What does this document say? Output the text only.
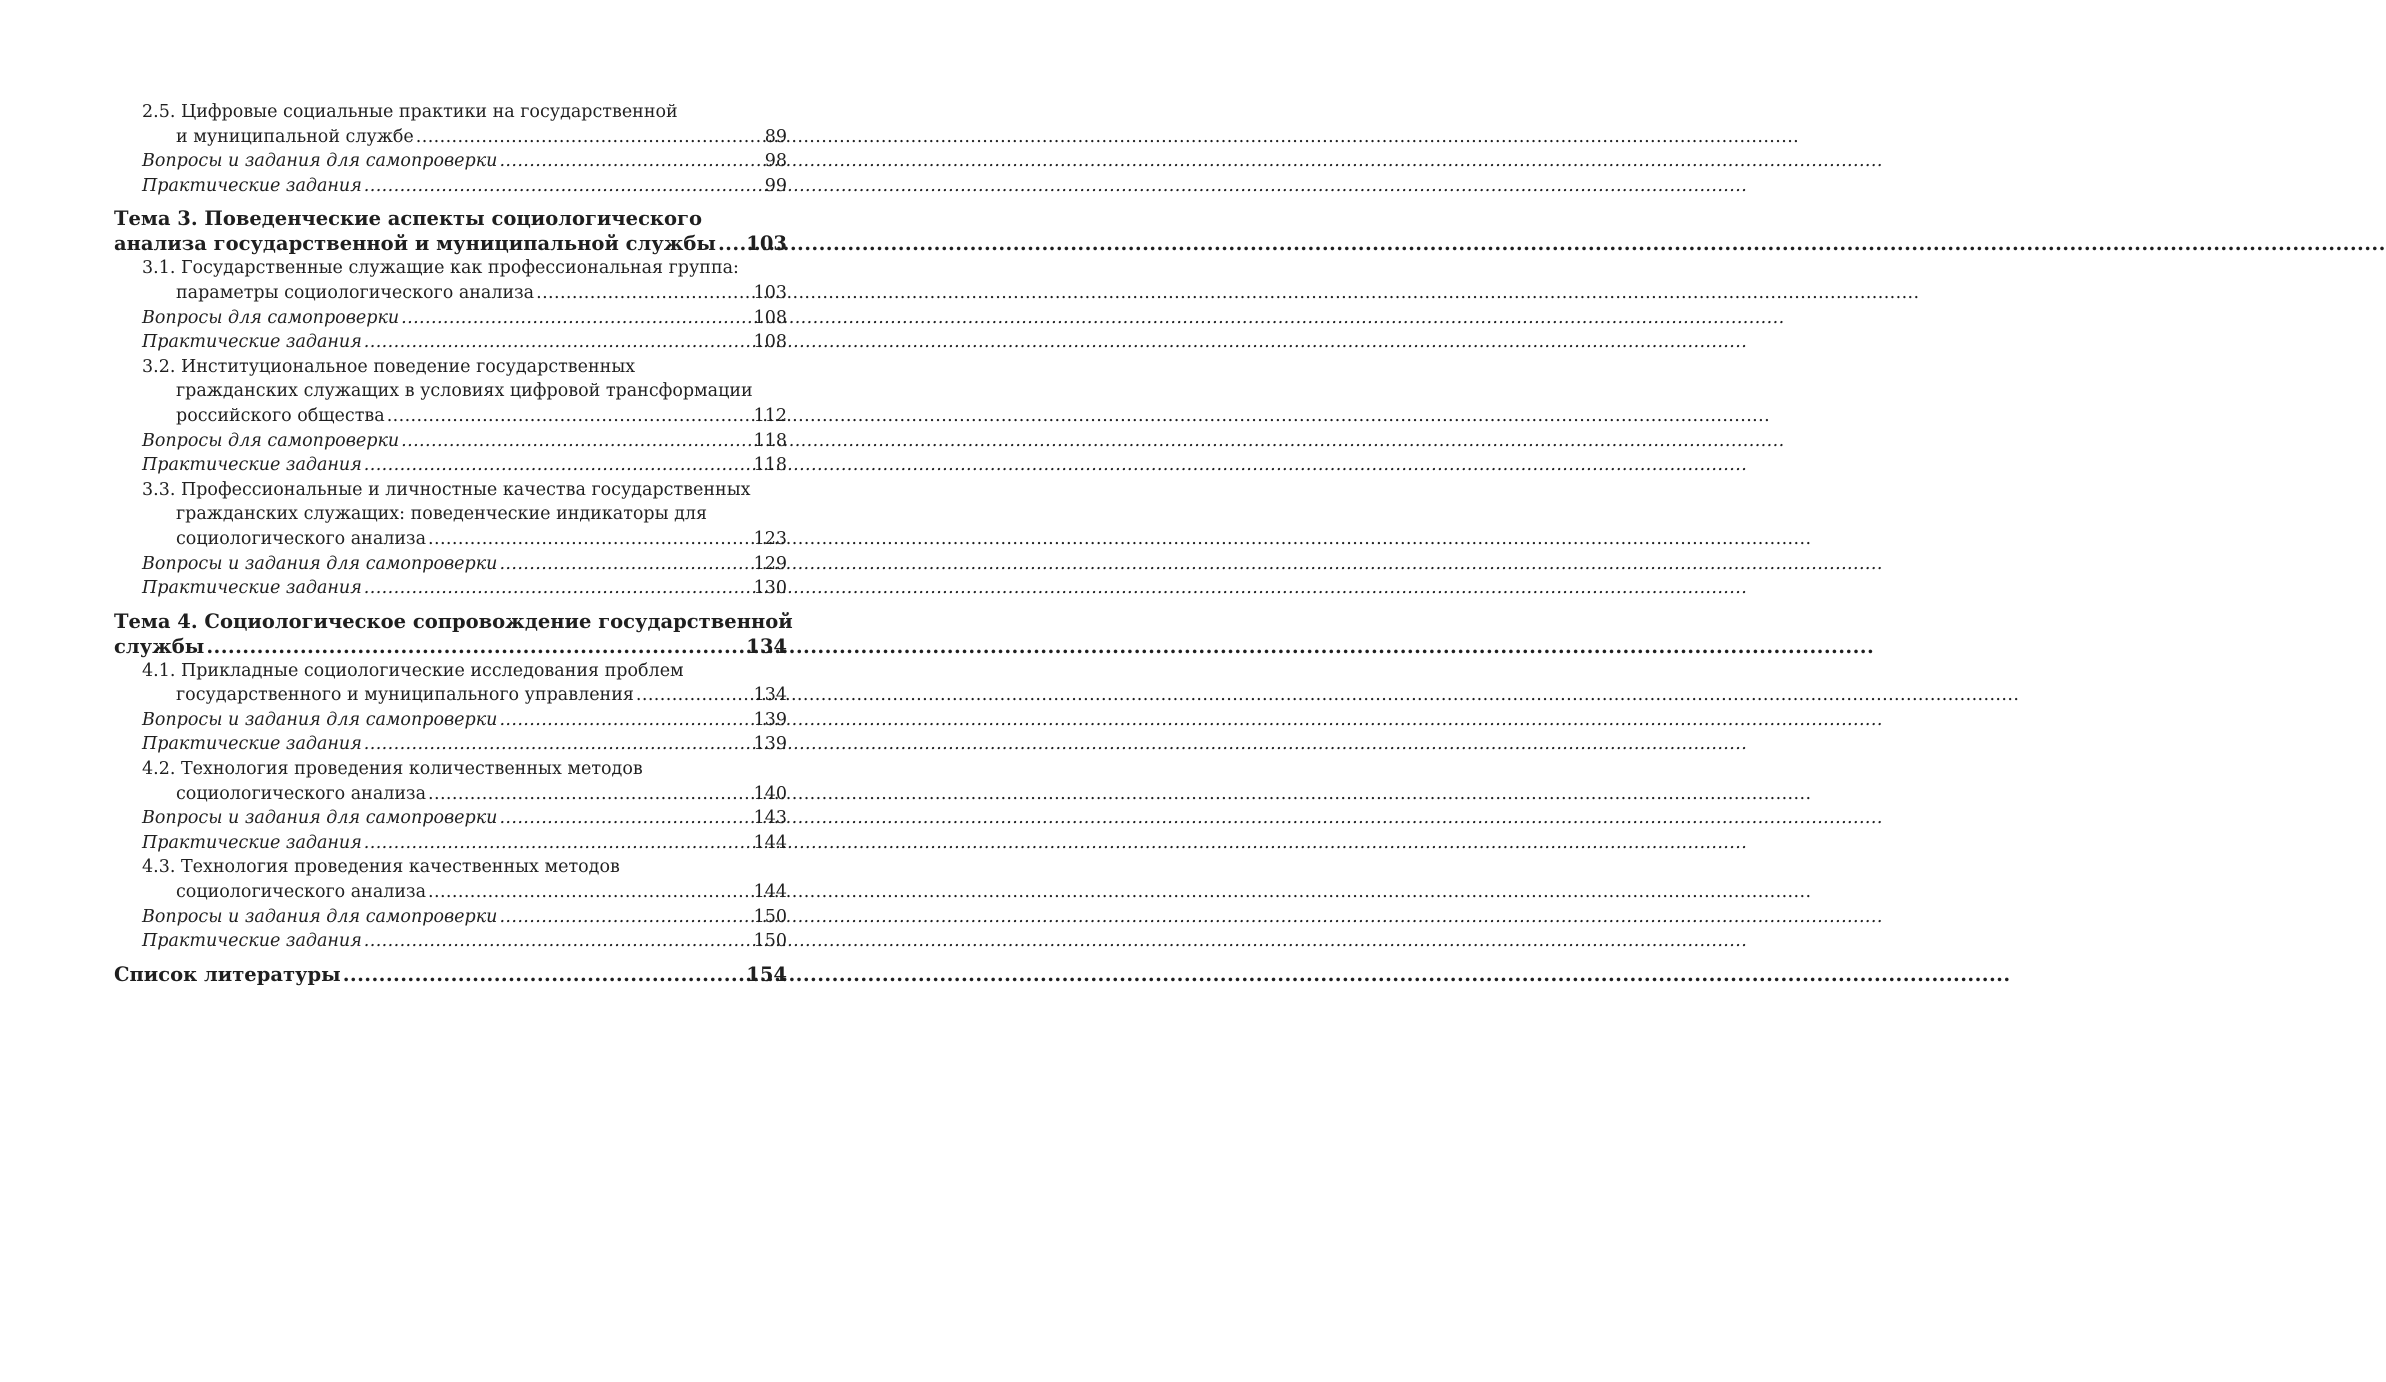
2.5. Цифровые социальные практики на государственной
и муниципальной службе .....	89
Вопросы и задания для самопроверки .....	98
Практические задания .....	99
Тема 3. Поведенческие аспекты социологического
анализа государственной и муниципальной службы ..... 103
3.1. Государственные служащие как профессиональная группа:
параметры социологического анализа .....	103
Вопросы для самопроверки .....	108
Практические задания .....	108
3.2. Институциональное поведение государственных
гражданских служащих в условиях цифровой трансформации
российского общества .....	112
Вопросы для самопроверки .....	118
Практические задания .....	118
3.3. Профессиональные и личностные качества государственных
гражданских служащих: поведенческие индикаторы для
социологического анализа .....	123
Вопросы и задания для самопроверки .....	129
Практические задания .....	130
Тема 4. Социологическое сопровождение государственной
службы .....	134
4.1. Прикладные социологические исследования проблем
государственного и муниципального управления .....	134
Вопросы и задания для самопроверки .....	139
Практические задания .....	139
4.2. Технология проведения количественных методов
социологического анализа .....	140
Вопросы и задания для самопроверки .....	143
Практические задания .....	144
4.3. Технология проведения качественных методов
социологического анализа .....	144
Вопросы и задания для самопроверки .....	150
Практические задания .....	150
Список литературы .....	154
